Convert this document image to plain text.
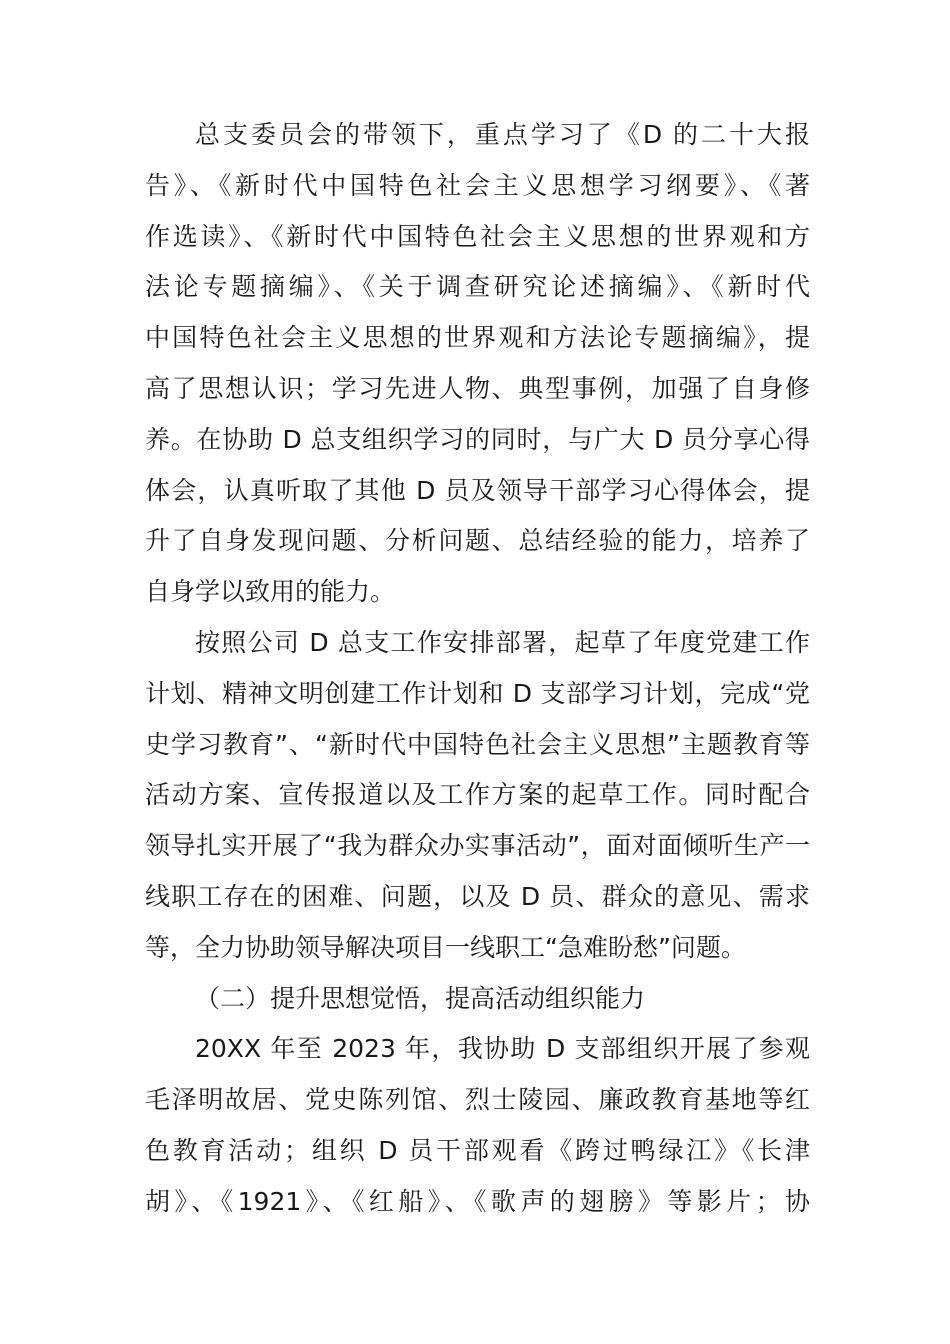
总支委员会的带领下，重点学习了《D 的二十大报
告》、《新时代中国特色社会主义思想学习纲要》、《著
作选读》、《新时代中国特色社会主义思想的世界观和方
法论专题摘编》、《关于调查研究论述摘编》、《新时代
中国特色社会主义思想的世界观和方法论专题摘编》，提
高了思想认识；学习先进人物、典型事例，加强了自身修
养。在协助 D 总支组织学习的同时，与广大 D 员分享心得
体会，认真听取了其他 D 员及领导干部学习心得体会，提
升了自身发现问题、分析问题、总结经验的能力，培养了
自身学以致用的能力。
按照公司 D 总支工作安排部署，起草了年度党建工作
计划、精神文明创建工作计划和 D 支部学习计划，完成“党
史学习教育”、“新时代中国特色社会主义思想”主题教育等
活动方案、宣传报道以及工作方案的起草工作。同时配合
领导扎实开展了“我为群众办实事活动”，面对面倾听生产一
线职工存在的困难、问题，以及 D 员、群众的意见、需求
等，全力协助领导解决项目一线职工“急难盼愁”问题。
（二）提升思想觉悟，提高活动组织能力
20XX 年至 2023 年，我协助 D 支部组织开展了参观
毛泽明故居、党史陈列馆、烈士陵园、廉政教育基地等红
色教育活动；组织 D 员干部观看《跨过鸭绿江》《长津
胡》、《1921》、《红船》、《歌声的翅膀》等影片；协
